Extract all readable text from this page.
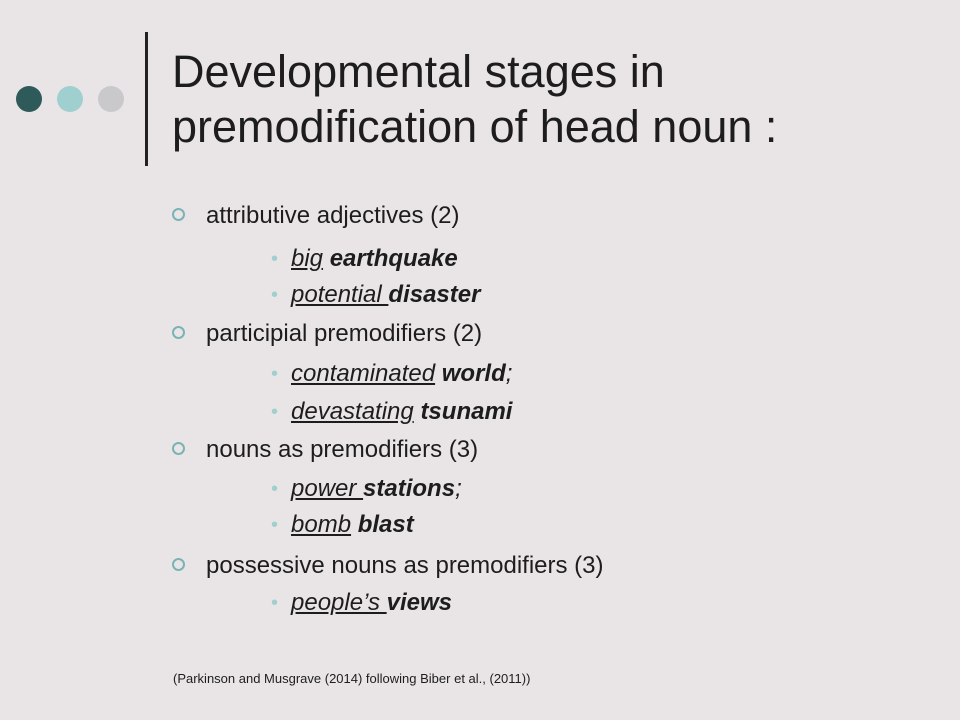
Developmental stages in premodification of head noun :
attributive adjectives (2)
• big earthquake
• potential disaster
participial premodifiers (2)
• contaminated world;
• devastating tsunami
nouns as premodifiers (3)
• power stations;
• bomb blast
possessive nouns as premodifiers (3)
• people’s views
(Parkinson and Musgrave (2014) following Biber et al., (2011))
